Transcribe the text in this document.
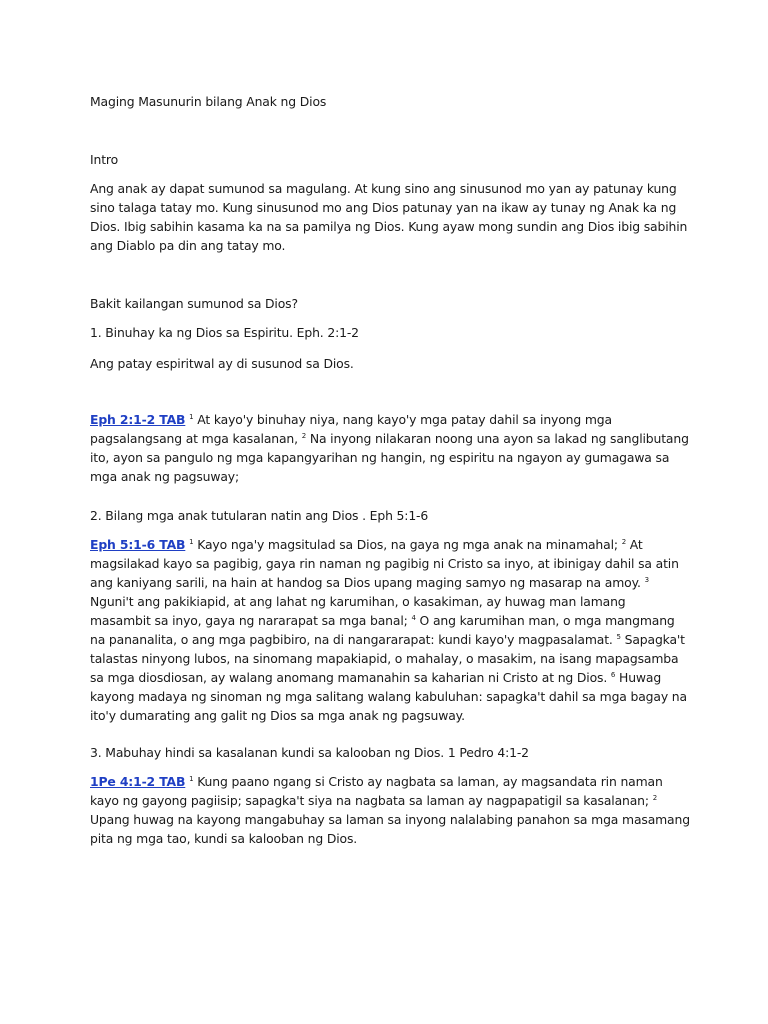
Maging Masunurin bilang Anak ng Dios

Intro

Ang anak ay dapat sumunod sa magulang. At kung sino ang sinusunod mo yan ay patunay kung sino talaga tatay mo. Kung sinusunod mo ang Dios patunay yan na ikaw ay tunay ng Anak ka ng Dios. Ibig sabihin kasama ka na sa pamilya ng Dios. Kung ayaw mong sundin ang Dios ibig sabihin ang Diablo pa din ang tatay mo.

Bakit kailangan sumunod sa Dios?

1. Binuhay ka ng Dios sa Espiritu. Eph. 2:1-2

Ang patay espiritwal ay di susunod sa Dios.

Eph 2:1-2 TAB $^1$ At kayo'y binuhay niya, nang kayo'y mga patay dahil sa inyong mga pagsalangsang at mga kasalanan, $^2$ Na inyong nilakaran noong una ayon sa lakad ng sanglibutang ito, ayon sa pangulo ng mga kapangyarihan ng hangin, ng espiritu na ngayon ay gumagawa sa mga anak ng pagsuway;

2. Bilang mga anak tutularan natin ang Dios . Eph 5:1-6

Eph 5:1-6 TAB $^1$ Kayo nga'y magsitulad sa Dios, na gaya ng mga anak na minamahal; $^2$ At magsilakad kayo sa pagibig, gaya rin naman ng pagibig ni Cristo sa inyo, at ibinigay dahil sa atin ang kaniyang sarili, na hain at handog sa Dios upang maging samyo ng masarap na amoy. $^3$ Nguni't ang pakikiapid, at ang lahat ng karumihan, o kasakiman, ay huwag man lamang masambit sa inyo, gaya ng nararapat sa mga banal; $^4$ O ang karumihan man, o mga mangmang na pananalita, o ang mga pagbibiro, na di nangararapat: kundi kayo'y magpasalamat. $^5$ Sapagka't talastas ninyong lubos, na sinomang mapakiapid, o mahalay, o masakim, na isang mapagsamba sa mga diosdiosan, ay walang anomang mamanahin sa kaharian ni Cristo at ng Dios. $^6$ Huwag kayong madaya ng sinoman ng mga salitang walang kabuluhan: sapagka't dahil sa mga bagay na ito'y dumarating ang galit ng Dios sa mga anak ng pagsuway.

3. Mabuhay hindi sa kasalanan kundi sa kalooban ng Dios. 1 Pedro 4:1-2

1Pe 4:1-2 TAB $^1$ Kung paano ngang si Cristo ay nagbata sa laman, ay magsandata rin naman kayo ng gayong pagiisip; sapagka't siya na nagbata sa laman ay nagpapatigil sa kasalanan; $^2$ Upang huwag na kayong mangabuhay sa laman sa inyong nalalabing panahon sa mga masamang pita ng mga tao, kundi sa kalooban ng Dios.
